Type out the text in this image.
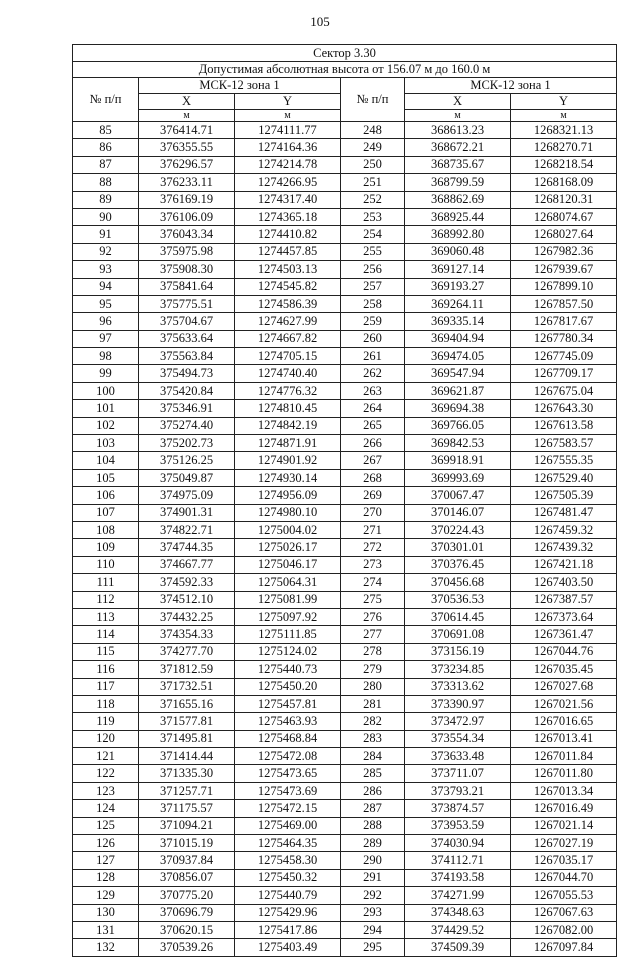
105
Сектор 3.30					
Допустимая абсолютная высота от 156.07 м до 160.0 м					
№ п/п	МСК-12 зона 1		№ п/п	МСК-12 зона 1	
	X	Y		X	Y
	м	м		м	м
85	376414.71	1274111.77	248	368613.23	1268321.13
86	376355.55	1274164.36	249	368672.21	1268270.71
87	376296.57	1274214.78	250	368735.67	1268218.54
88	376233.11	1274266.95	251	368799.59	1268168.09
89	376169.19	1274317.40	252	368862.69	1268120.31
90	376106.09	1274365.18	253	368925.44	1268074.67
91	376043.34	1274410.82	254	368992.80	1268027.64
92	375975.98	1274457.85	255	369060.48	1267982.36
93	375908.30	1274503.13	256	369127.14	1267939.67
94	375841.64	1274545.82	257	369193.27	1267899.10
95	375775.51	1274586.39	258	369264.11	1267857.50
96	375704.67	1274627.99	259	369335.14	1267817.67
97	375633.64	1274667.82	260	369404.94	1267780.34
98	375563.84	1274705.15	261	369474.05	1267745.09
99	375494.73	1274740.40	262	369547.94	1267709.17
100	375420.84	1274776.32	263	369621.87	1267675.04
101	375346.91	1274810.45	264	369694.38	1267643.30
102	375274.40	1274842.19	265	369766.05	1267613.58
103	375202.73	1274871.91	266	369842.53	1267583.57
104	375126.25	1274901.92	267	369918.91	1267555.35
105	375049.87	1274930.14	268	369993.69	1267529.40
106	374975.09	1274956.09	269	370067.47	1267505.39
107	374901.31	1274980.10	270	370146.07	1267481.47
108	374822.71	1275004.02	271	370224.43	1267459.32
109	374744.35	1275026.17	272	370301.01	1267439.32
110	374667.77	1275046.17	273	370376.45	1267421.18
111	374592.33	1275064.31	274	370456.68	1267403.50
112	374512.10	1275081.99	275	370536.53	1267387.57
113	374432.25	1275097.92	276	370614.45	1267373.64
114	374354.33	1275111.85	277	370691.08	1267361.47
115	374277.70	1275124.02	278	373156.19	1267044.76
116	371812.59	1275440.73	279	373234.85	1267035.45
117	371732.51	1275450.20	280	373313.62	1267027.68
118	371655.16	1275457.81	281	373390.97	1267021.56
119	371577.81	1275463.93	282	373472.97	1267016.65
120	371495.81	1275468.84	283	373554.34	1267013.41
121	371414.44	1275472.08	284	373633.48	1267011.84
122	371335.30	1275473.65	285	373711.07	1267011.80
123	371257.71	1275473.69	286	373793.21	1267013.34
124	371175.57	1275472.15	287	373874.57	1267016.49
125	371094.21	1275469.00	288	373953.59	1267021.14
126	371015.19	1275464.35	289	374030.94	1267027.19
127	370937.84	1275458.30	290	374112.71	1267035.17
128	370856.07	1275450.32	291	374193.58	1267044.70
129	370775.20	1275440.79	292	374271.99	1267055.53
130	370696.79	1275429.96	293	374348.63	1267067.63
131	370620.15	1275417.86	294	374429.52	1267082.00
132	370539.26	1275403.49	295	374509.39	1267097.84
